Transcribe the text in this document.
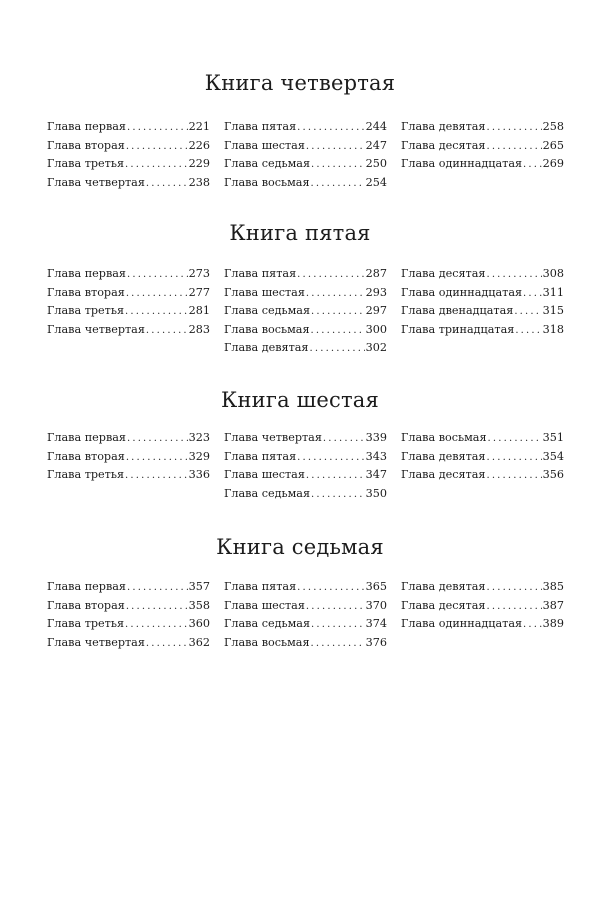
Книга четвертая
Глава первая . . .	221
Глава вторая . . .	226
Глава третья . . .	229
Глава четвертая . . .	238
Глава пятая . . .	244
Глава шестая . . .	247
Глава седьмая . . .	250
Глава восьмая . . .	254
Глава девятая . . .	258
Глава десятая . . .	265
Глава одиннадцатая . . . 269
Книга пятая
Глава первая . . .	273
Глава вторая . . .	277
Глава третья . . .	281
Глава четвертая . . .	283
Глава пятая . . .	287
Глава шестая . . .	293
Глава седьмая . . .	297
Глава восьмая . . .	300
Глава девятая . . .	302
Глава десятая . . .	308
Глава одиннадцатая . . . 311
Глава двенадцатая . . .	315
Глава тринадцатая . . .	318
Книга шестая
Глава первая . . .	323
Глава вторая . . .	329
Глава третья . . .	336
Глава четвертая . . .	339
Глава пятая . . .	343
Глава шестая . . .	347
Глава седьмая . . .	350
Глава восьмая . . .	351
Глава девятая . . .	354
Глава десятая . . .	356
Книга седьмая
Глава первая . . .	357
Глава вторая . . .	358
Глава третья . . .	360
Глава четвертая . . .	362
Глава пятая . . .	365
Глава шестая . . .	370
Глава седьмая . . .	374
Глава восьмая . . .	376
Глава девятая . . .	385
Глава десятая . . .	387
Глава одиннадцатая . . . 389
